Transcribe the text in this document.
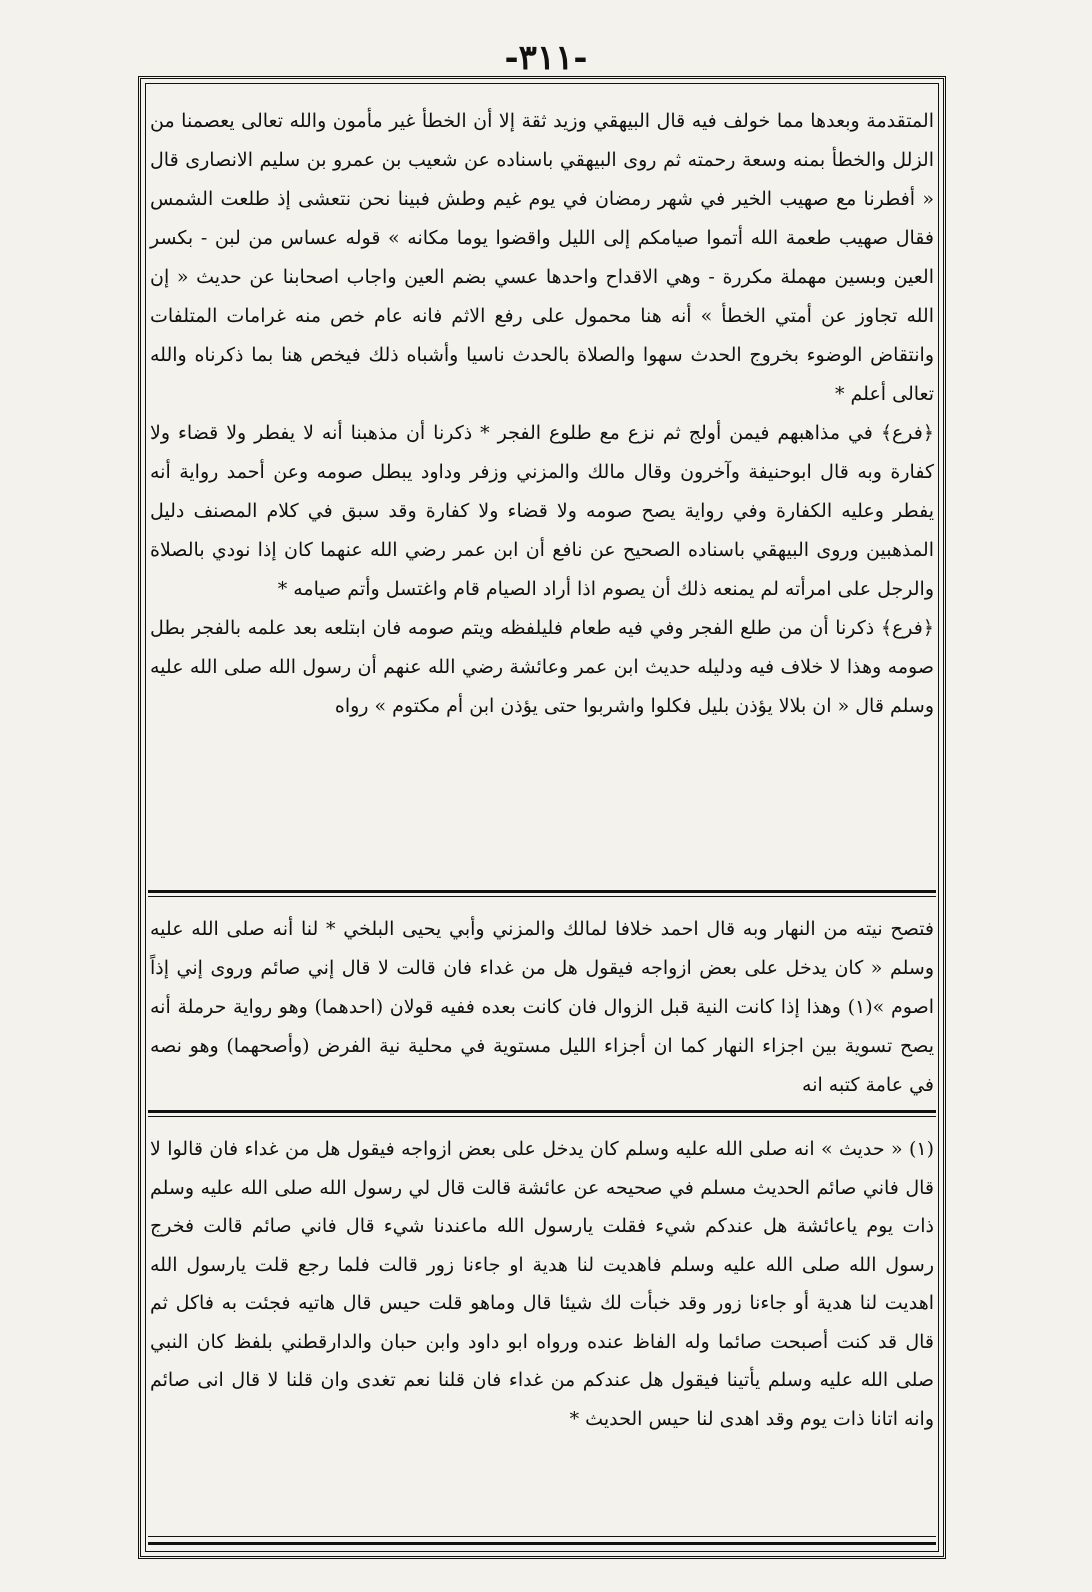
-٣١١-

المتقدمة وبعدها مما خولف فيه قال البيهقي وزيد ثقة إلا أن الخطأ غير مأمون والله تعالى يعصمنا من الزلل والخطأ بمنه وسعة رحمته ثم روى البيهقي باسناده عن شعيب بن عمرو بن سليم الانصارى قال « أفطرنا مع صهيب الخير في شهر رمضان في يوم غيم وطش فبينا نحن نتعشى إذ طلعت الشمس فقال صهيب طعمة الله أتموا صيامكم إلى الليل واقضوا يوما مكانه » قوله عساس من لبن - بكسر العين وبسين مهملة مكررة - وهي الاقداح واحدها عسي بضم العين واجاب اصحابنا عن حديث « إن الله تجاوز عن أمتي الخطأ » أنه هنا محمول على رفع الاثم فانه عام خص منه غرامات المتلفات وانتقاض الوضوء بخروج الحدث سهوا والصلاة بالحدث ناسيا وأشباه ذلك فيخص هنا بما ذكرناه والله تعالى أعلم *

﴿فرع﴾ في مذاهبهم فيمن أولج ثم نزع مع طلوع الفجر * ذكرنا أن مذهبنا أنه لا يفطر ولا قضاء ولا كفارة وبه قال ابوحنيفة وآخرون وقال مالك والمزني وزفر وداود يبطل صومه وعن أحمد رواية أنه يفطر وعليه الكفارة وفي رواية يصح صومه ولا قضاء ولا كفارة وقد سبق في كلام المصنف دليل المذهبين وروى البيهقي باسناده الصحيح عن نافع أن ابن عمر رضي الله عنهما كان إذا نودي بالصلاة والرجل على امرأته لم يمنعه ذلك أن يصوم اذا أراد الصيام قام واغتسل وأتم صيامه *

﴿فرع﴾ ذكرنا أن من طلع الفجر وفي فيه طعام فليلفظه ويتم صومه فان ابتلعه بعد علمه بالفجر بطل صومه وهذا لا خلاف فيه ودليله حديث ابن عمر وعائشة رضي الله عنهم أن رسول الله صلى الله عليه وسلم قال « ان بلالا يؤذن بليل فكلوا واشربوا حتى يؤذن ابن أم مكتوم » رواه

فتصح نيته من النهار وبه قال احمد خلافا لمالك والمزني وأبي يحيى البلخي * لنا أنه صلى الله عليه وسلم « كان يدخل على بعض ازواجه فيقول هل من غداء فان قالت لا قال إني صائم وروى إني إذاً اصوم »(١) وهذا إذا كانت النية قبل الزوال فان كانت بعده ففيه قولان (احدهما) وهو رواية حرملة أنه يصح تسوية بين اجزاء النهار كما ان أجزاء الليل مستوية في محلية نية الفرض (وأصحهما) وهو نصه في عامة كتبه انه

(١) « حديث » انه صلى الله عليه وسلم كان يدخل على بعض ازواجه فيقول هل من غداء فان قالوا لا قال فاني صائم الحديث مسلم في صحيحه عن عائشة قالت قال لي رسول الله صلى الله عليه وسلم ذات يوم ياعائشة هل عندكم شيء فقلت يارسول الله ماعندنا شيء قال فاني صائم قالت فخرج رسول الله صلى الله عليه وسلم فاهديت لنا هدية او جاءنا زور قالت فلما رجع قلت يارسول الله اهديت لنا هدية أو جاءنا زور وقد خبأت لك شيئا قال وماهو قلت حيس قال هاتيه فجئت به فاكل ثم قال قد كنت أصبحت صائما وله الفاظ عنده ورواه ابو داود وابن حبان والدارقطني بلفظ كان النبي صلى الله عليه وسلم يأتينا فيقول هل عندكم من غداء فان قلنا نعم تغدى وان قلنا لا قال انى صائم وانه اتانا ذات يوم وقد اهدى لنا حيس الحديث *
